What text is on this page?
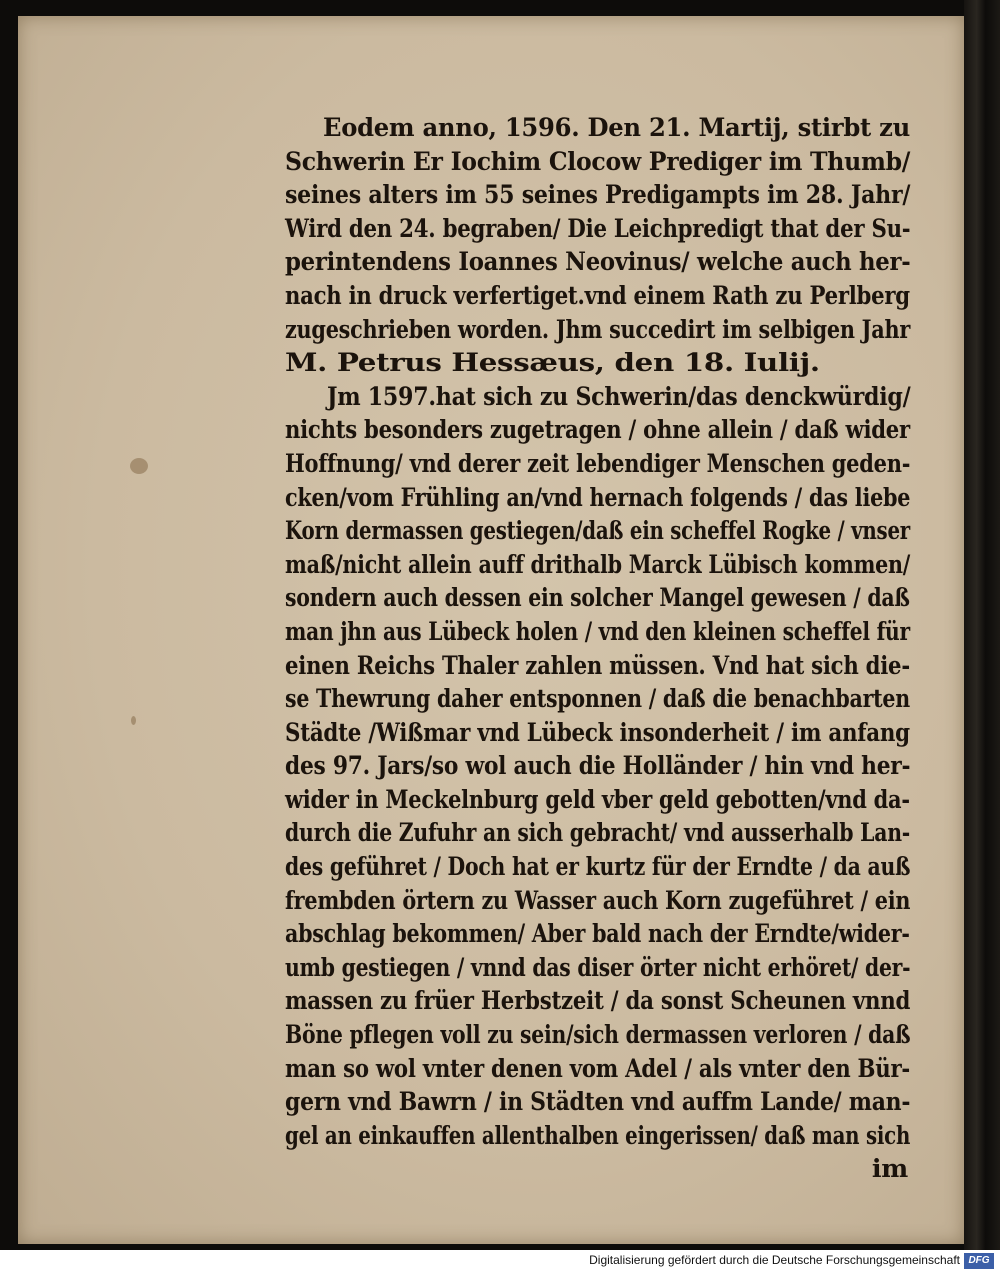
Eodem anno, 1596. Den 21. Martij, stirbt zu
Schwerin Er Iochim Clocow Prediger im Thumb/
seines alters im 55 seines Predigampts im 28. Jahr/
Wird den 24. begraben/ Die Leichpredigt that der Su-
perintendens Ioannes Neovinus/ welche auch her-
nach in druck verfertiget.vnd einem Rath zu Perlberg
zugeschrieben worden. Jhm succedirt im selbigen Jahr
M. Petrus Hessæus, den 18. Iulij.
Jm 1597.hat sich zu Schwerin/das denckwürdig/
nichts besonders zugetragen / ohne allein / daß wider
Hoffnung/ vnd derer zeit lebendiger Menschen geden-
cken/vom Frühling an/vnd hernach folgends / das liebe
Korn dermassen gestiegen/daß ein scheffel Rogke / vnser
maß/nicht allein auff drithalb Marck Lübisch kommen/
sondern auch dessen ein solcher Mangel gewesen / daß
man jhn aus Lübeck holen / vnd den kleinen scheffel für
einen Reichs Thaler zahlen müssen. Vnd hat sich die-
se Thewrung daher entsponnen / daß die benachbarten
Städte /Wißmar vnd Lübeck insonderheit / im anfang
des 97. Jars/so wol auch die Holländer / hin vnd her-
wider in Meckelnburg geld vber geld gebotten/vnd da-
durch die Zufuhr an sich gebracht/ vnd ausserhalb Lan-
des geführet / Doch hat er kurtz für der Erndte / da auß
frembden örtern zu Wasser auch Korn zugeführet / ein
abschlag bekommen/ Aber bald nach der Erndte/wider-
umb gestiegen / vnnd das diser örter nicht erhöret/ der-
massen zu früer Herbstzeit / da sonst Scheunen vnnd
Böne pflegen voll zu sein/sich dermassen verloren / daß
man so wol vnter denen vom Adel / als vnter den Bür-
gern vnd Bawrn / in Städten vnd auffm Lande/ man-
gel an einkauffen allenthalben eingerissen/ daß man sich
im
Digitalisierung gefördert durch die Deutsche Forschungsgemeinschaft DFG
